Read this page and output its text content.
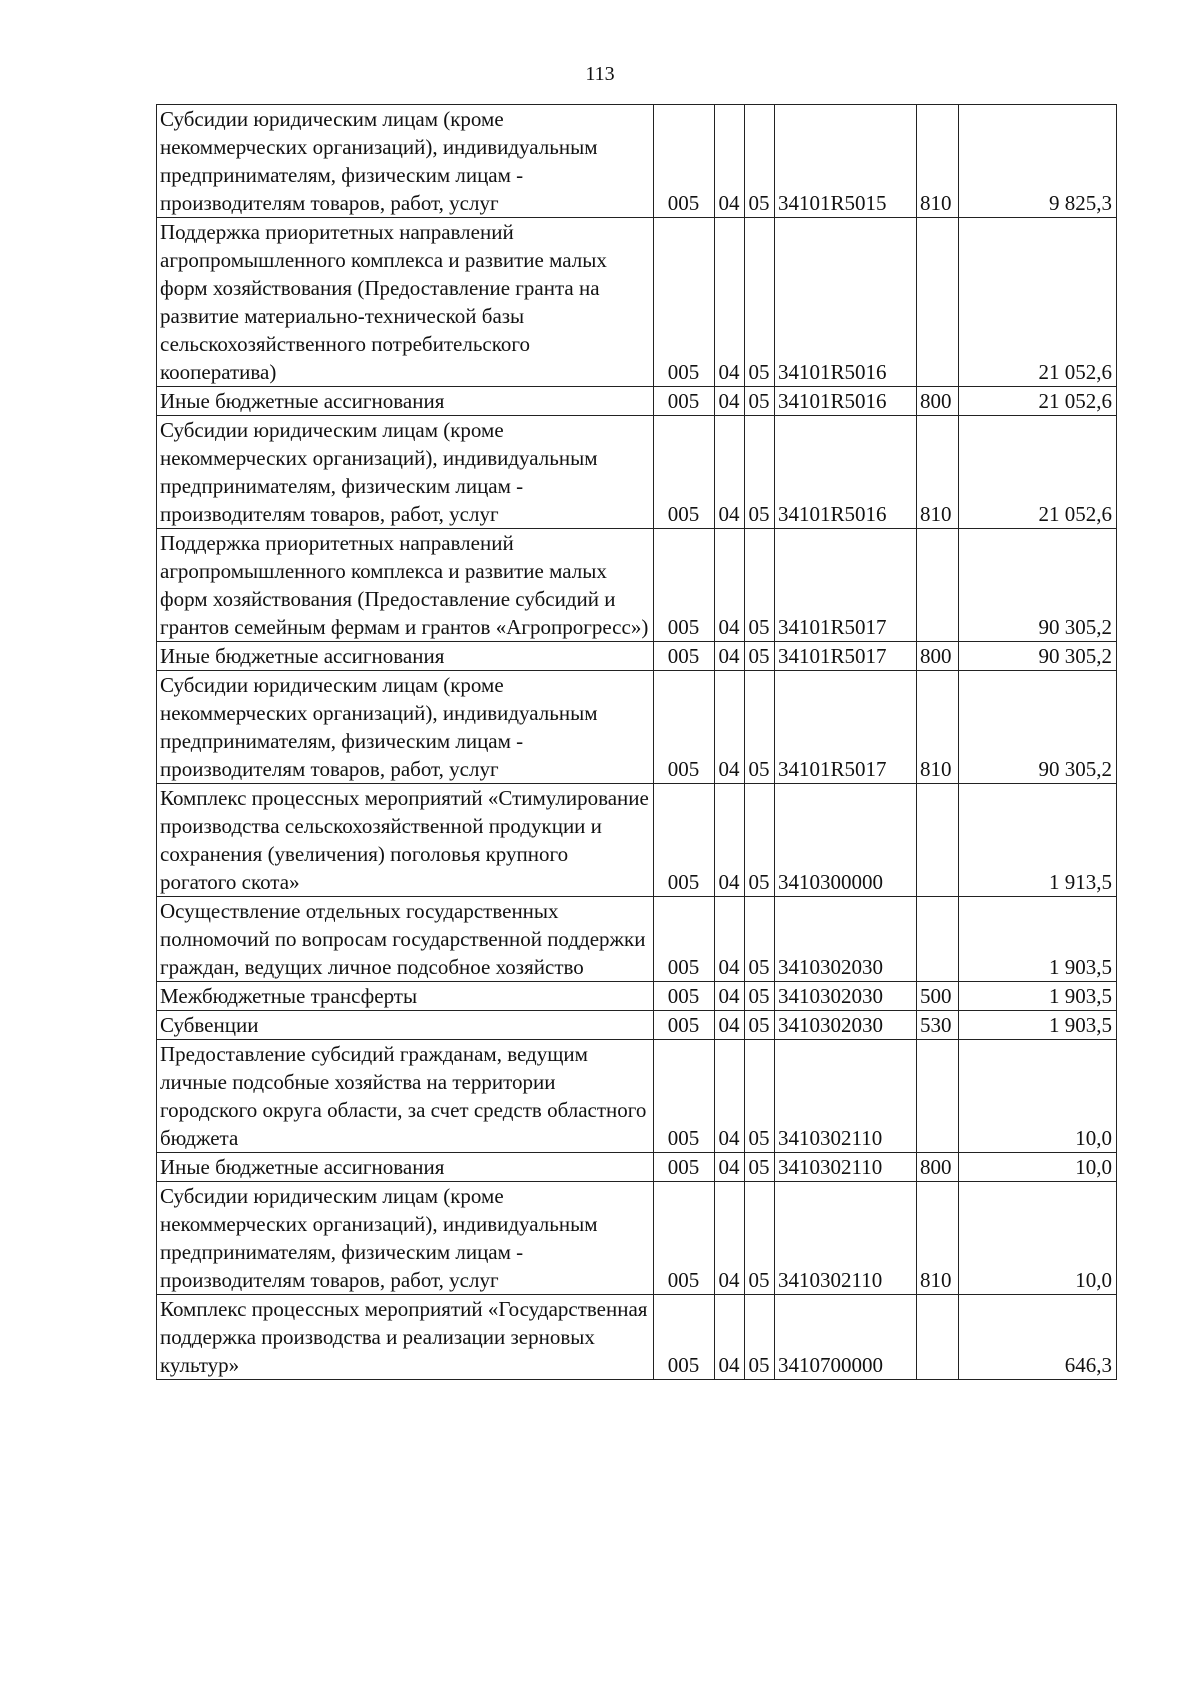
113
Субсидии юридическим лицам (кроме некоммерческих организаций), индивидуальным предпринимателям, физическим лицам - производителям товаров, работ, услуг	005	04	05	34101R5015	810	9 825,3
Поддержка приоритетных направлений агропромышленного комплекса и развитие малых форм хозяйствования (Предоставление гранта на развитие материально-технической базы сельскохозяйственного потребительского кооператива)	005	04	05	34101R5016		21 052,6
Иные бюджетные ассигнования	005	04	05	34101R5016	800	21 052,6
Субсидии юридическим лицам (кроме некоммерческих организаций), индивидуальным предпринимателям, физическим лицам - производителям товаров, работ, услуг	005	04	05	34101R5016	810	21 052,6
Поддержка приоритетных направлений агропромышленного комплекса и развитие малых форм хозяйствования (Предоставление субсидий и грантов семейным фермам и грантов «Агропрогресс»)	005	04	05	34101R5017		90 305,2
Иные бюджетные ассигнования	005	04	05	34101R5017	800	90 305,2
Субсидии юридическим лицам (кроме некоммерческих организаций), индивидуальным предпринимателям, физическим лицам - производителям товаров, работ, услуг	005	04	05	34101R5017	810	90 305,2
Комплекс процессных мероприятий «Стимулирование производства сельскохозяйственной продукции и сохранения (увеличения) поголовья крупного рогатого скота»	005	04	05	3410300000		1 913,5
Осуществление отдельных государственных полномочий по вопросам государственной поддержки граждан, ведущих личное подсобное хозяйство	005	04	05	3410302030		1 903,5
Межбюджетные трансферты	005	04	05	3410302030	500	1 903,5
Субвенции	005	04	05	3410302030	530	1 903,5
Предоставление субсидий гражданам, ведущим личные подсобные хозяйства на территории городского округа области, за счет средств областного бюджета	005	04	05	3410302110		10,0
Иные бюджетные ассигнования	005	04	05	3410302110	800	10,0
Субсидии юридическим лицам (кроме некоммерческих организаций), индивидуальным предпринимателям, физическим лицам - производителям товаров, работ, услуг	005	04	05	3410302110	810	10,0
Комплекс процессных мероприятий «Государственная поддержка производства и реализации зерновых культур»	005	04	05	3410700000		646,3
